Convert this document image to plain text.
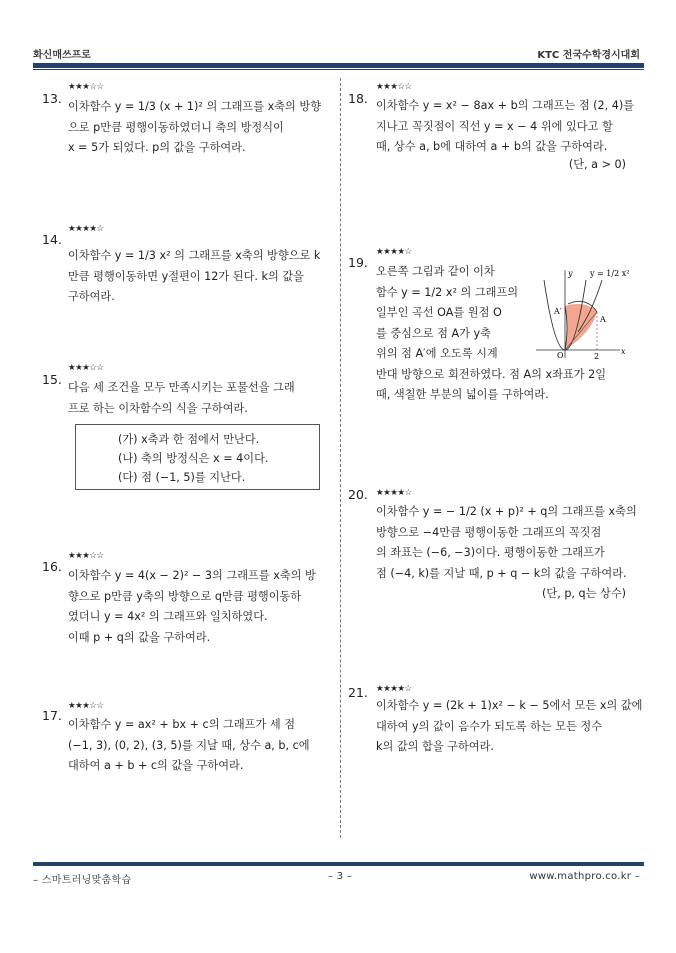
화신매쓰프로	KTC 전국수학경시대회
13.
★★★☆☆
이차함수 y = 1/3 (x + 1)² 의 그래프를 x축의 방향
으로 p만큼 평행이동하였더니 축의 방정식이
x = 5가 되었다. p의 값을 구하여라.
14.
★★★★☆
이차함수 y = 1/3 x² 의 그래프를 x축의 방향으로 k
만큼 평행이동하면 y절편이 12가 된다. k의 값을
구하여라.
15.
★★★☆☆
다음 세 조건을 모두 만족시키는 포물선을 그래
프로 하는 이차함수의 식을 구하여라.
(가) x축과 한 점에서 만난다.
(나) 축의 방정식은 x = 4이다.
(다) 점 (−1, 5)를 지난다.
16.
★★★☆☆
이차함수 y = 4(x − 2)² − 3의 그래프를 x축의 방
향으로 p만큼 y축의 방향으로 q만큼 평행이동하
였더니 y = 4x² 의 그래프와 일치하였다.
이때 p + q의 값을 구하여라.
17.
★★★☆☆
이차함수 y = ax² + bx + c의 그래프가 세 점
(−1, 3), (0, 2), (3, 5)를 지날 때, 상수 a, b, c에
대하여 a + b + c의 값을 구하여라.
18.
★★★☆☆
이차함수 y = x² − 8ax + b의 그래프는 점 (2, 4)를
지나고 꼭짓점이 직선 y = x − 4 위에 있다고 할
때, 상수 a, b에 대하여 a + b의 값을 구하여라.
(단, a > 0)
19.
★★★★☆
오른쪽 그림과 같이 이차
함수 y = 1/2 x² 의 그래프의
일부인 곡선 OA를 원점 O
를 중심으로 점 A가 y축
위의 점 A′에 오도록 시계
반대 방향으로 회전하였다. 점 A의 x좌표가 2일
때, 색칠한 부분의 넓이를 구하여라.
y = 1/2 x²
y
x
O
A
A′
2
20. ★★★★☆
이차함수 y = − 1/2 (x + p)² + q의 그래프를 x축의
방향으로 −4만큼 평행이동한 그래프의 꼭짓점
의 좌표는 (−6, −3)이다. 평행이동한 그래프가
점 (−4, k)를 지날 때, p + q − k의 값을 구하여라.
(단, p, q는 상수)
21. ★★★★☆
이차함수 y = (2k + 1)x² − k − 5에서 모든 x의 값에
대하여 y의 값이 음수가 되도록 하는 모든 정수
k의 값의 합을 구하여라.
– 스마트러닝맞춤학습	– 3 –	www.mathpro.co.kr –
